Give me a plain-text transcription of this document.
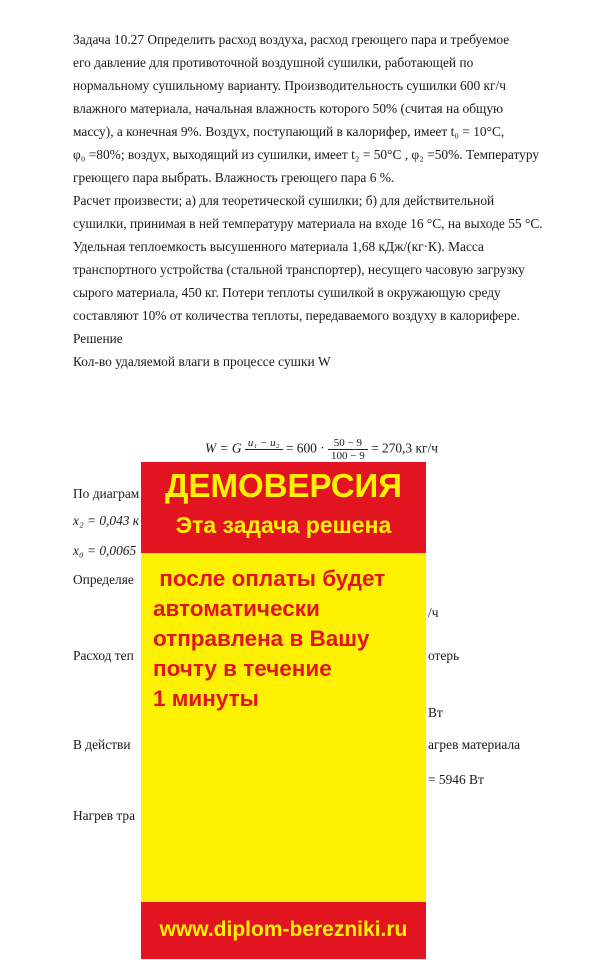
Задача 10.27 Определить расход воздуха, расход греющего пара и требуемое
его давление для противоточной воздушной сушилки, работающей по
нормальному сушильному варианту. Производительность сушилки 600 кг/ч
влажного материала, начальная влажность которого 50% (считая на общую
массу), а конечная 9%. Воздух, поступающий в калорифер, имеет t₀ = 10°C,
φ₀ =80%; воздух, выходящий из сушилки, имеет t₂ = 50°C , φ₂ =50%. Температуру
греющего пара выбрать. Влажность греющего пара 6 %.
Расчет произвести; а) для теоретической сушилки; б) для действительной
сушилки, принимая в ней температуру материала на входе 16 °С, на выходе 55 °С.
Удельная теплоемкость высушенного материала 1,68 кДж/(кг·К). Масса
транспортного устройства (стальной транспортер), несущего часовую загрузку
сырого материала, 450 кг. Потери теплоты сушилкой в окружающую среду
составляют 10% от количества теплоты, передаваемого воздуху в калорифере.
Решение
Кол-во удаляемой влаги в процессе сушки W
W = G u₁ − u₂
= $600 \cdot \frac{50 - 9}{100 - 9} = 270,3$ кг/ч
По диаграм
x₂ = 0,043 к
x₀ = 0,0065
Определяе
/ч
Расход теп	отерь
Вт
В действи	агрев материала
= 5946 Вт
Нагрев тра
ДЕМОВЕРСИЯ
Эта задача решена
после оплаты будет
автоматически
отправлена в Вашу
почту в течение
1 минуты
www.diplom-berezniki.ru
